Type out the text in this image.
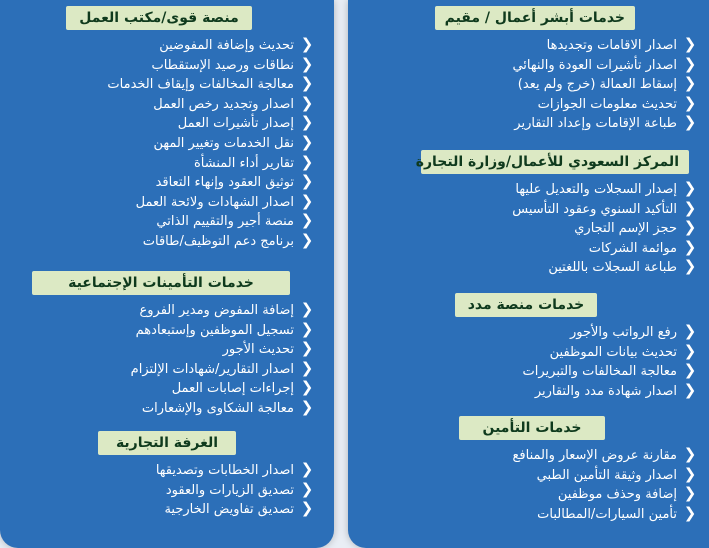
منصة قوى/مكتب العمل
❮تحديث وإضافة المفوضين
❮نطاقات ورصيد الإستقطاب
❮معالجة المخالفات وإيقاف الخدمات
❮اصدار وتجديد رخص العمل
❮إصدار تأشيرات العمل
❮نقل الخدمات وتغيير المهن
❮تقارير أداء المنشأة
❮توثيق العقود وإنهاء التعاقد
❮اصدار الشهادات ولائحة العمل
❮منصة أجير والتقييم الذاتي
❮برنامج دعم التوظيف/طاقات
خدمات التأمينات الإجتماعية
❮إضافة المفوض ومدير الفروع
❮تسجيل الموظفين وإستبعادهم
❮تحديث الأجور
❮اصدار التقارير/شهادات الإلتزام
❮إجراءات إصابات العمل
❮معالجة الشكاوى والإشعارات
الغرفة التجارية
❮اصدار الخطابات وتصديقها
❮تصديق الزيارات والعقود
❮تصديق تفاويض الخارجية
خدمات أبشر أعمال / مقيم
❮اصدار الاقامات وتجديدها
❮اصدار تأشيرات العودة والنهائي
❮إسقاط العمالة (خرج ولم يعد)
❮تحديث معلومات الجوازات
❮طباعة الإقامات وإعداد التقارير
المركز السعودي للأعمال/وزارة التجارة
❮إصدار السجلات والتعديل عليها
❮التأكيد السنوي وعقود التأسيس
❮حجز الإسم التجاري
❮موائمة الشركات
❮طباعة السجلات باللغتين
خدمات منصة مدد
❮رفع الرواتب والأجور
❮تحديث بيانات الموظفين
❮معالجة المخالفات والتبريرات
❮اصدار شهادة مدد والتقارير
خدمات التأمين
❮مقارنة عروض الإسعار والمنافع
❮اصدار وثيقة التأمين الطبي
❮إضافة وحذف موظفين
❮تأمين السيارات/المطالبات
